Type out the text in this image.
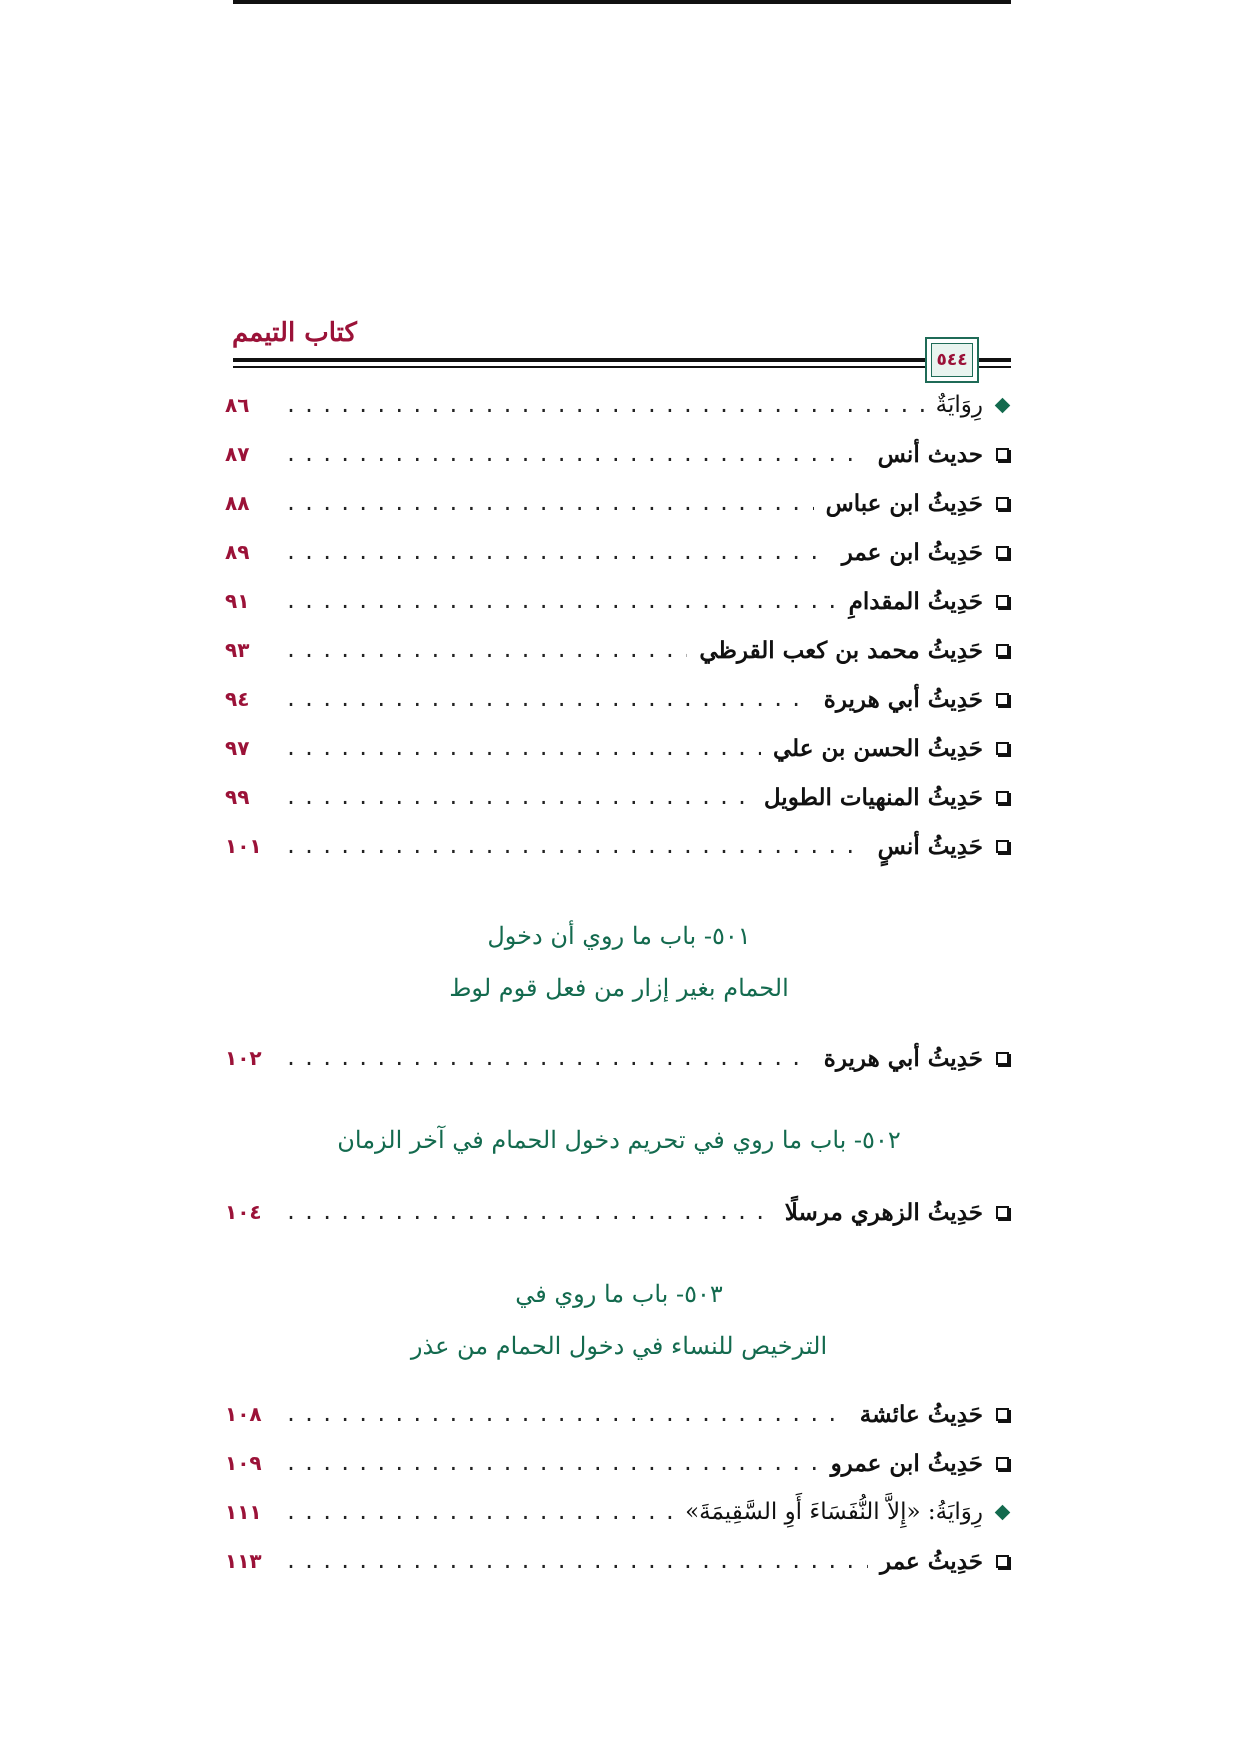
كتاب التيمم
٥٤٤
رِوَايَةٌ
.....
٨٦
حديث أنس
.....
٨٧
حَدِيثُ ابن عباس
.....
٨٨
حَدِيثُ ابن عمر
.....
٨٩
حَدِيثُ المقدامِ
.....
٩١
حَدِيثُ محمد بن كعب القرظي
.....
٩٣
حَدِيثُ أبي هريرة
.....
٩٤
حَدِيثُ الحسن بن علي
.....
٩٧
حَدِيثُ المنهيات الطويل
.....
٩٩
حَدِيثُ أنسٍ
.....
١٠١
٥٠١- باب ما روي أن دخول
الحمام بغير إزار من فعل قوم لوط
حَدِيثُ أبي هريرة
.....
١٠٢
٥٠٢- باب ما روي في تحريم دخول الحمام في آخر الزمان
حَدِيثُ الزهري مرسلًا
.....
١٠٤
٥٠٣- باب ما روي في
الترخيص للنساء في دخول الحمام من عذر
حَدِيثُ عائشة
.....
١٠٨
حَدِيثُ ابن عمرو
.....
١٠٩
رِوَايَةُ: «إِلاَّ النُّفَسَاءَ أَوِ السَّقِيمَةَ»
.....
١١١
حَدِيثُ عمر
.....
١١٣
